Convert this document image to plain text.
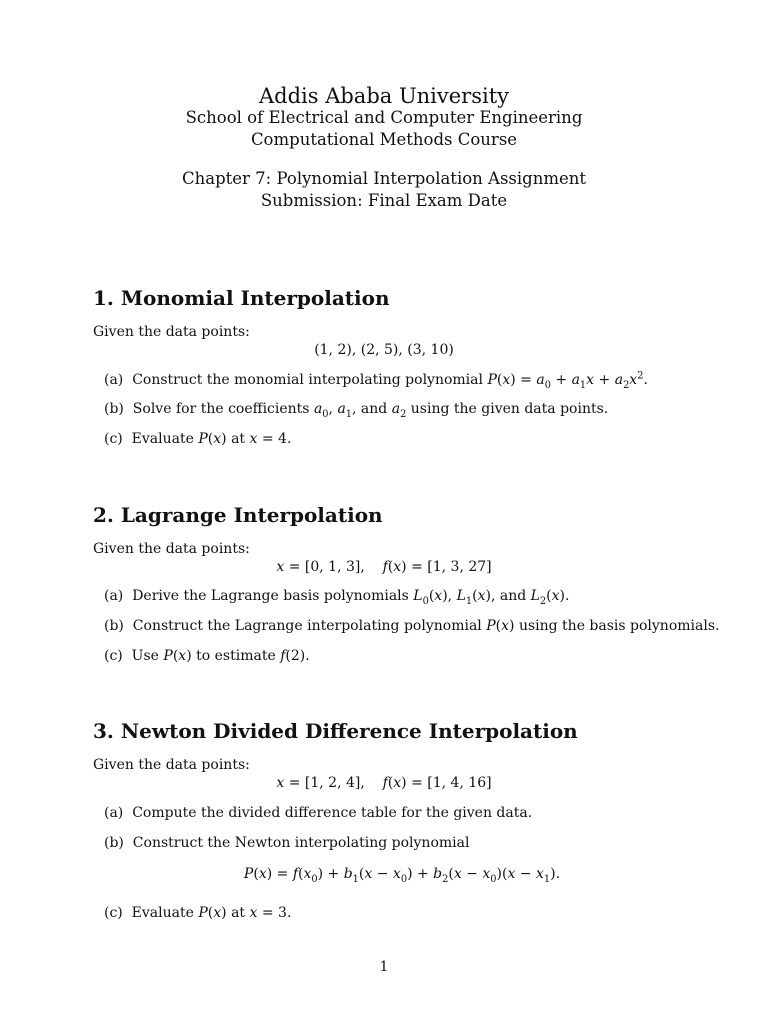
Addis Ababa University
School of Electrical and Computer Engineering
Computational Methods Course
Chapter 7: Polynomial Interpolation Assignment
Submission: Final Exam Date
1. Monomial Interpolation
Given the data points:
(1, 2), (2, 5), (3, 10)
(a) Construct the monomial interpolating polynomial $P(x) = a_0 + a_1x + a_2x^2$.
(b) Solve for the coefficients $a_0$, $a_1$, and $a_2$ using the given data points.
(c) Evaluate P(x) at x = 4.
2. Lagrange Interpolation
Given the data points:
x = [0, 1, 3],    f(x) = [1, 3, 27]
(a) Derive the Lagrange basis polynomials $L_0(x)$, $L_1(x)$, and $L_2(x)$.
(b) Construct the Lagrange interpolating polynomial P(x) using the basis polynomials.
(c) Use P(x) to estimate f(2).
3. Newton Divided Difference Interpolation
Given the data points:
x = [1, 2, 4],    f(x) = [1, 4, 16]
(a) Compute the divided difference table for the given data.
(b) Construct the Newton interpolating polynomial
$P(x) = f(x_0) + b_1(x - x_0) + b_2(x - x_0)(x - x_1)$.
(c) Evaluate P(x) at x = 3.
1
